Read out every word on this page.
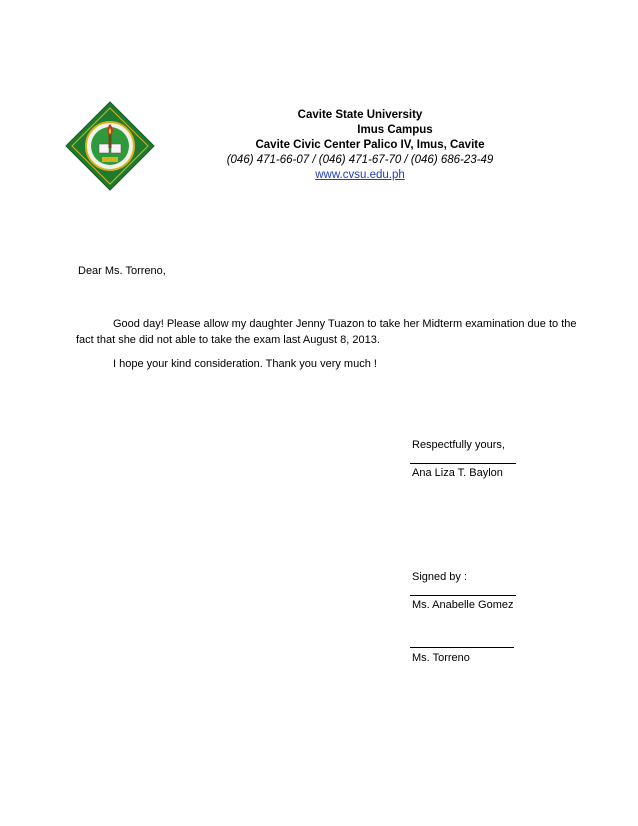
Cavite State University
Imus Campus
Cavite Civic Center Palico IV, Imus, Cavite
(046) 471-66-07 / (046) 471-67-70 / (046) 686-23-49
www.cvsu.edu.ph
Dear Ms. Torreno,
Good day! Please allow my daughter Jenny Tuazon to take her Midterm examination due to the
fact that she did not able to take the exam last August 8, 2013.
I hope your kind consideration. Thank you very much !
Respectfully yours,
Ana Liza T. Baylon
Signed by :
Ms. Anabelle Gomez
Ms. Torreno
